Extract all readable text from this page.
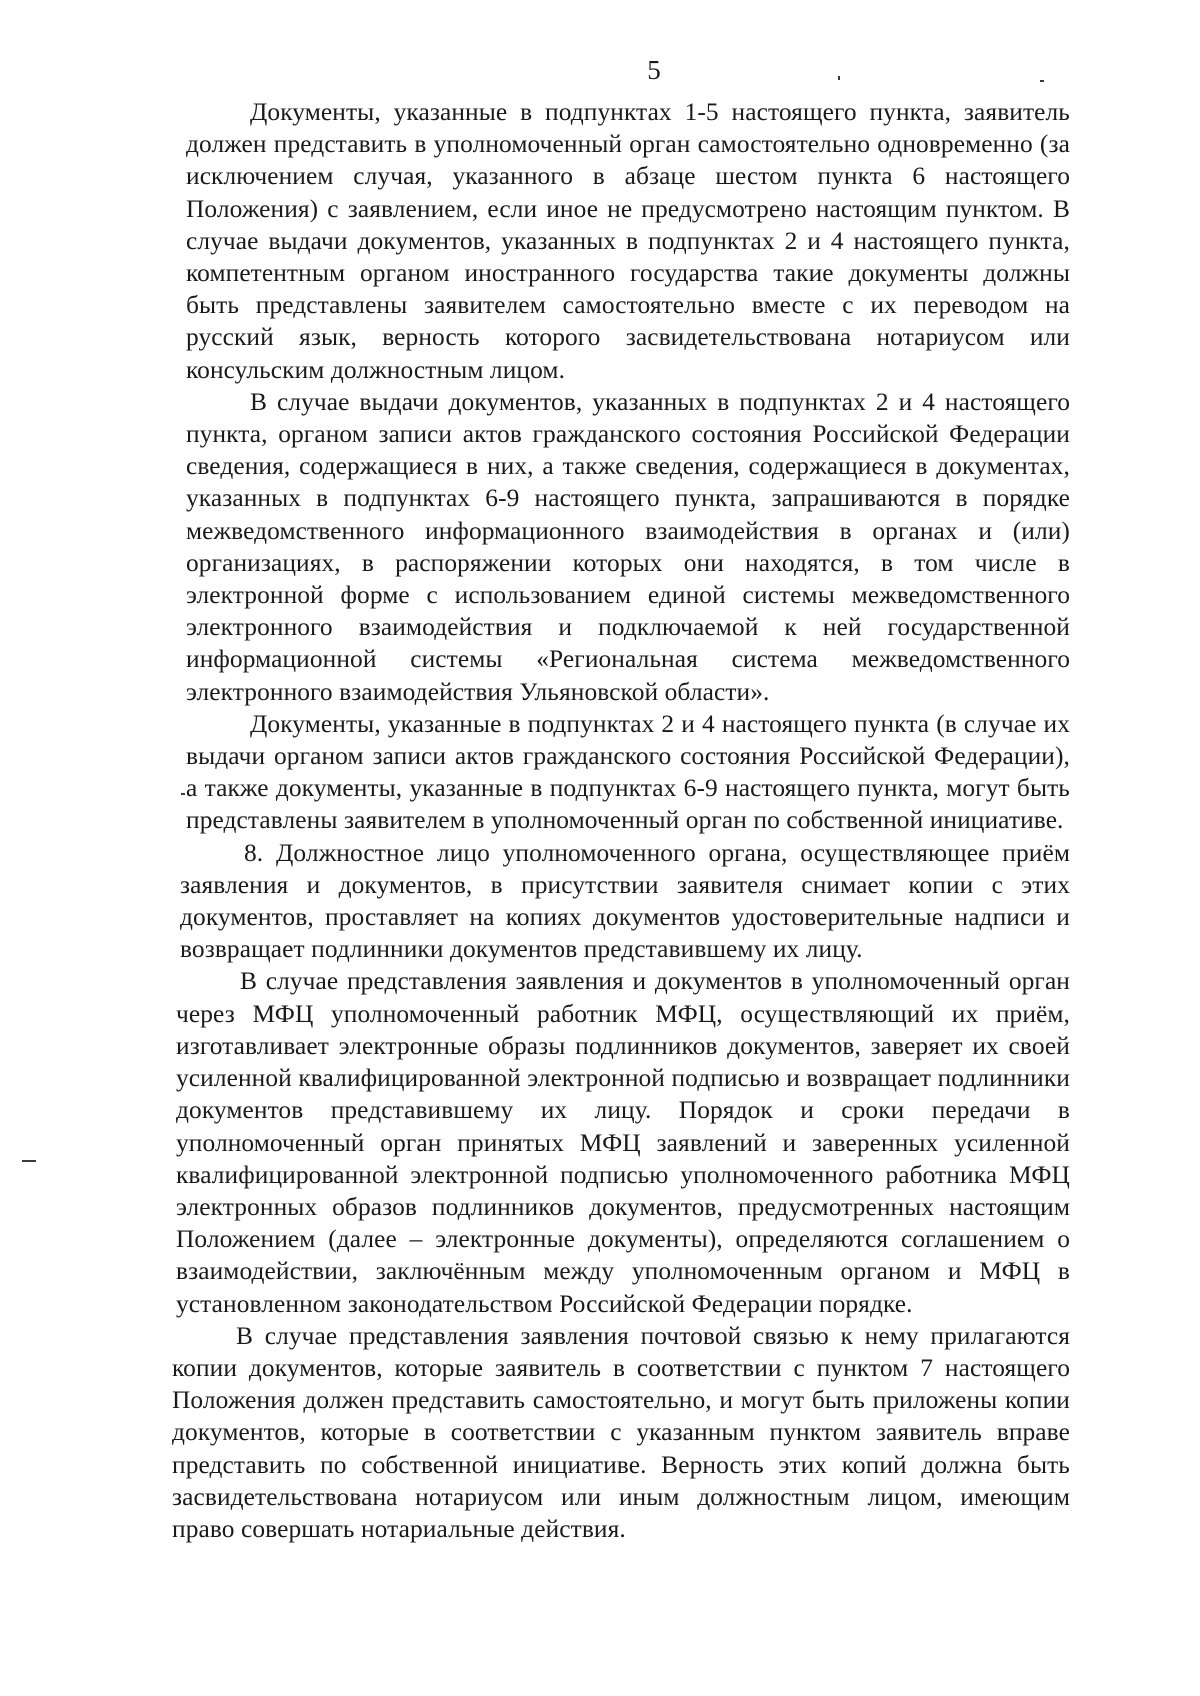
5

Документы, указанные в подпунктах 1-5 настоящего пункта, заявитель должен представить в уполномоченный орган самостоятельно одновременно (за исключением случая, указанного в абзаце шестом пункта 6 настоящего Положения) с заявлением, если иное не предусмотрено настоящим пунктом. В случае выдачи документов, указанных в подпунктах 2 и 4 настоящего пункта, компетентным органом иностранного государства такие документы должны быть представлены заявителем самостоятельно вместе с их переводом на русский язык, верность которого засвидетельствована нотариусом или консульским должностным лицом.

В случае выдачи документов, указанных в подпунктах 2 и 4 настоящего пункта, органом записи актов гражданского состояния Российской Федерации сведения, содержащиеся в них, а также сведения, содержащиеся в документах, указанных в подпунктах 6-9 настоящего пункта, запрашиваются в порядке межведомственного информационного взаимодействия в органах и (или) организациях, в распоряжении которых они находятся, в том числе в электронной форме с использованием единой системы межведомственного электронного взаимодействия и подключаемой к ней государственной информационной системы «Региональная система межведомственного электронного взаимодействия Ульяновской области».

Документы, указанные в подпунктах 2 и 4 настоящего пункта (в случае их выдачи органом записи актов гражданского состояния Российской Федерации), а также документы, указанные в подпунктах 6-9 настоящего пункта, могут быть представлены заявителем в уполномоченный орган по собственной инициативе.

8. Должностное лицо уполномоченного органа, осуществляющее приём заявления и документов, в присутствии заявителя снимает копии с этих документов, проставляет на копиях документов удостоверительные надписи и возвращает подлинники документов представившему их лицу.

В случае представления заявления и документов в уполномоченный орган через МФЦ уполномоченный работник МФЦ, осуществляющий их приём, изготавливает электронные образы подлинников документов, заверяет их своей усиленной квалифицированной электронной подписью и возвращает подлинники документов представившему их лицу. Порядок и сроки передачи в уполномоченный орган принятых МФЦ заявлений и заверенных усиленной квалифицированной электронной подписью уполномоченного работника МФЦ электронных образов подлинников документов, предусмотренных настоящим Положением (далее – электронные документы), определяются соглашением о взаимодействии, заключённым между уполномоченным органом и МФЦ в установленном законодательством Российской Федерации порядке.

В случае представления заявления почтовой связью к нему прилагаются копии документов, которые заявитель в соответствии с пунктом 7 настоящего Положения должен представить самостоятельно, и могут быть приложены копии документов, которые в соответствии с указанным пунктом заявитель вправе представить по собственной инициативе. Верность этих копий должна быть засвидетельствована нотариусом или иным должностным лицом, имеющим право совершать нотариальные действия.
